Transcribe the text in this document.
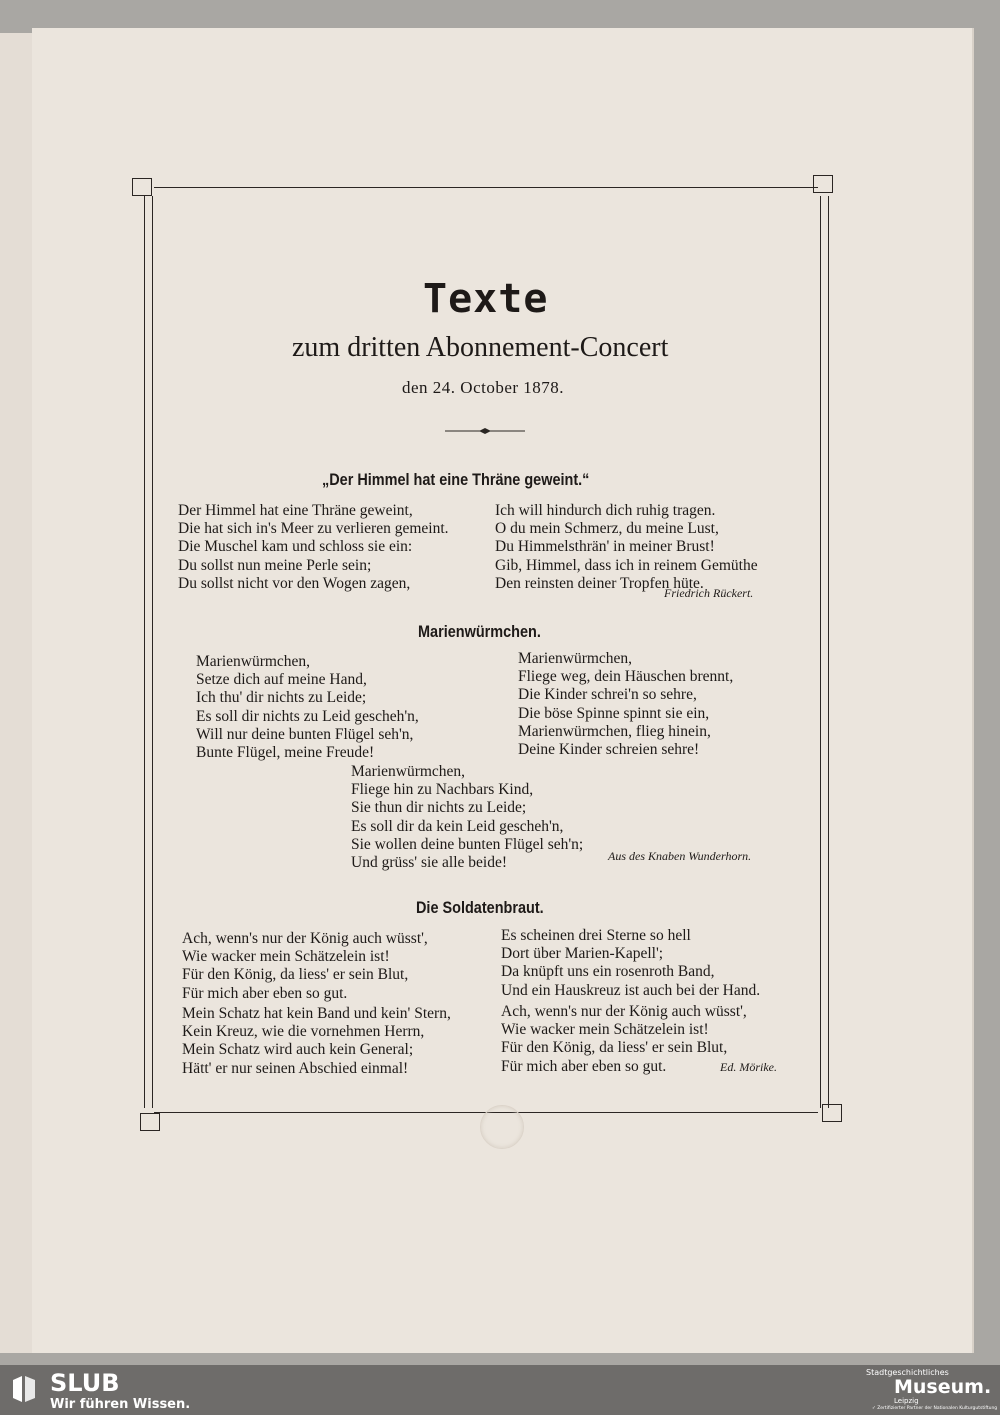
Texte
zum dritten Abonnement-Concert
den 24. October 1878.
„Der Himmel hat eine Thräne geweint.“
Der Himmel hat eine Thräne geweint,
Die hat sich in's Meer zu verlieren gemeint.
Die Muschel kam und schloss sie ein:
Du sollst nun meine Perle sein;
Du sollst nicht vor den Wogen zagen,
Ich will hindurch dich ruhig tragen.
O du mein Schmerz, du meine Lust,
Du Himmelsthrän' in meiner Brust!
Gib, Himmel, dass ich in reinem Gemüthe
Den reinsten deiner Tropfen hüte.
Friedrich Rückert.
Marienwürmchen.
Marienwürmchen,
Setze dich auf meine Hand,
Ich thu' dir nichts zu Leide;
Es soll dir nichts zu Leid gescheh'n,
Will nur deine bunten Flügel seh'n,
Bunte Flügel, meine Freude!
Marienwürmchen,
Fliege weg, dein Häuschen brennt,
Die Kinder schrei'n so sehre,
Die böse Spinne spinnt sie ein,
Marienwürmchen, flieg hinein,
Deine Kinder schreien sehre!
Marienwürmchen,
Fliege hin zu Nachbars Kind,
Sie thun dir nichts zu Leide;
Es soll dir da kein Leid gescheh'n,
Sie wollen deine bunten Flügel seh'n;
Und grüss' sie alle beide!	Aus des Knaben Wunderhorn.
Die Soldatenbraut.
Ach, wenn's nur der König auch wüsst',
Wie wacker mein Schätzelein ist!
Für den König, da liess' er sein Blut,
Für mich aber eben so gut.
Mein Schatz hat kein Band und kein' Stern,
Kein Kreuz, wie die vornehmen Herrn,
Mein Schatz wird auch kein General;
Hätt' er nur seinen Abschied einmal!
Es scheinen drei Sterne so hell
Dort über Marien-Kapell';
Da knüpft uns ein rosenroth Band,
Und ein Hauskreuz ist auch bei der Hand.
Ach, wenn's nur der König auch wüsst',
Wie wacker mein Schätzelein ist!
Für den König, da liess' er sein Blut,
Für mich aber eben so gut.	Ed. Mörike.
SLUB
Wir führen Wissen.
Stadtgeschichtliches
Museum.
Leipzig
✓ Zertifizierter Partner der Nationalen Kulturgutstiftung
